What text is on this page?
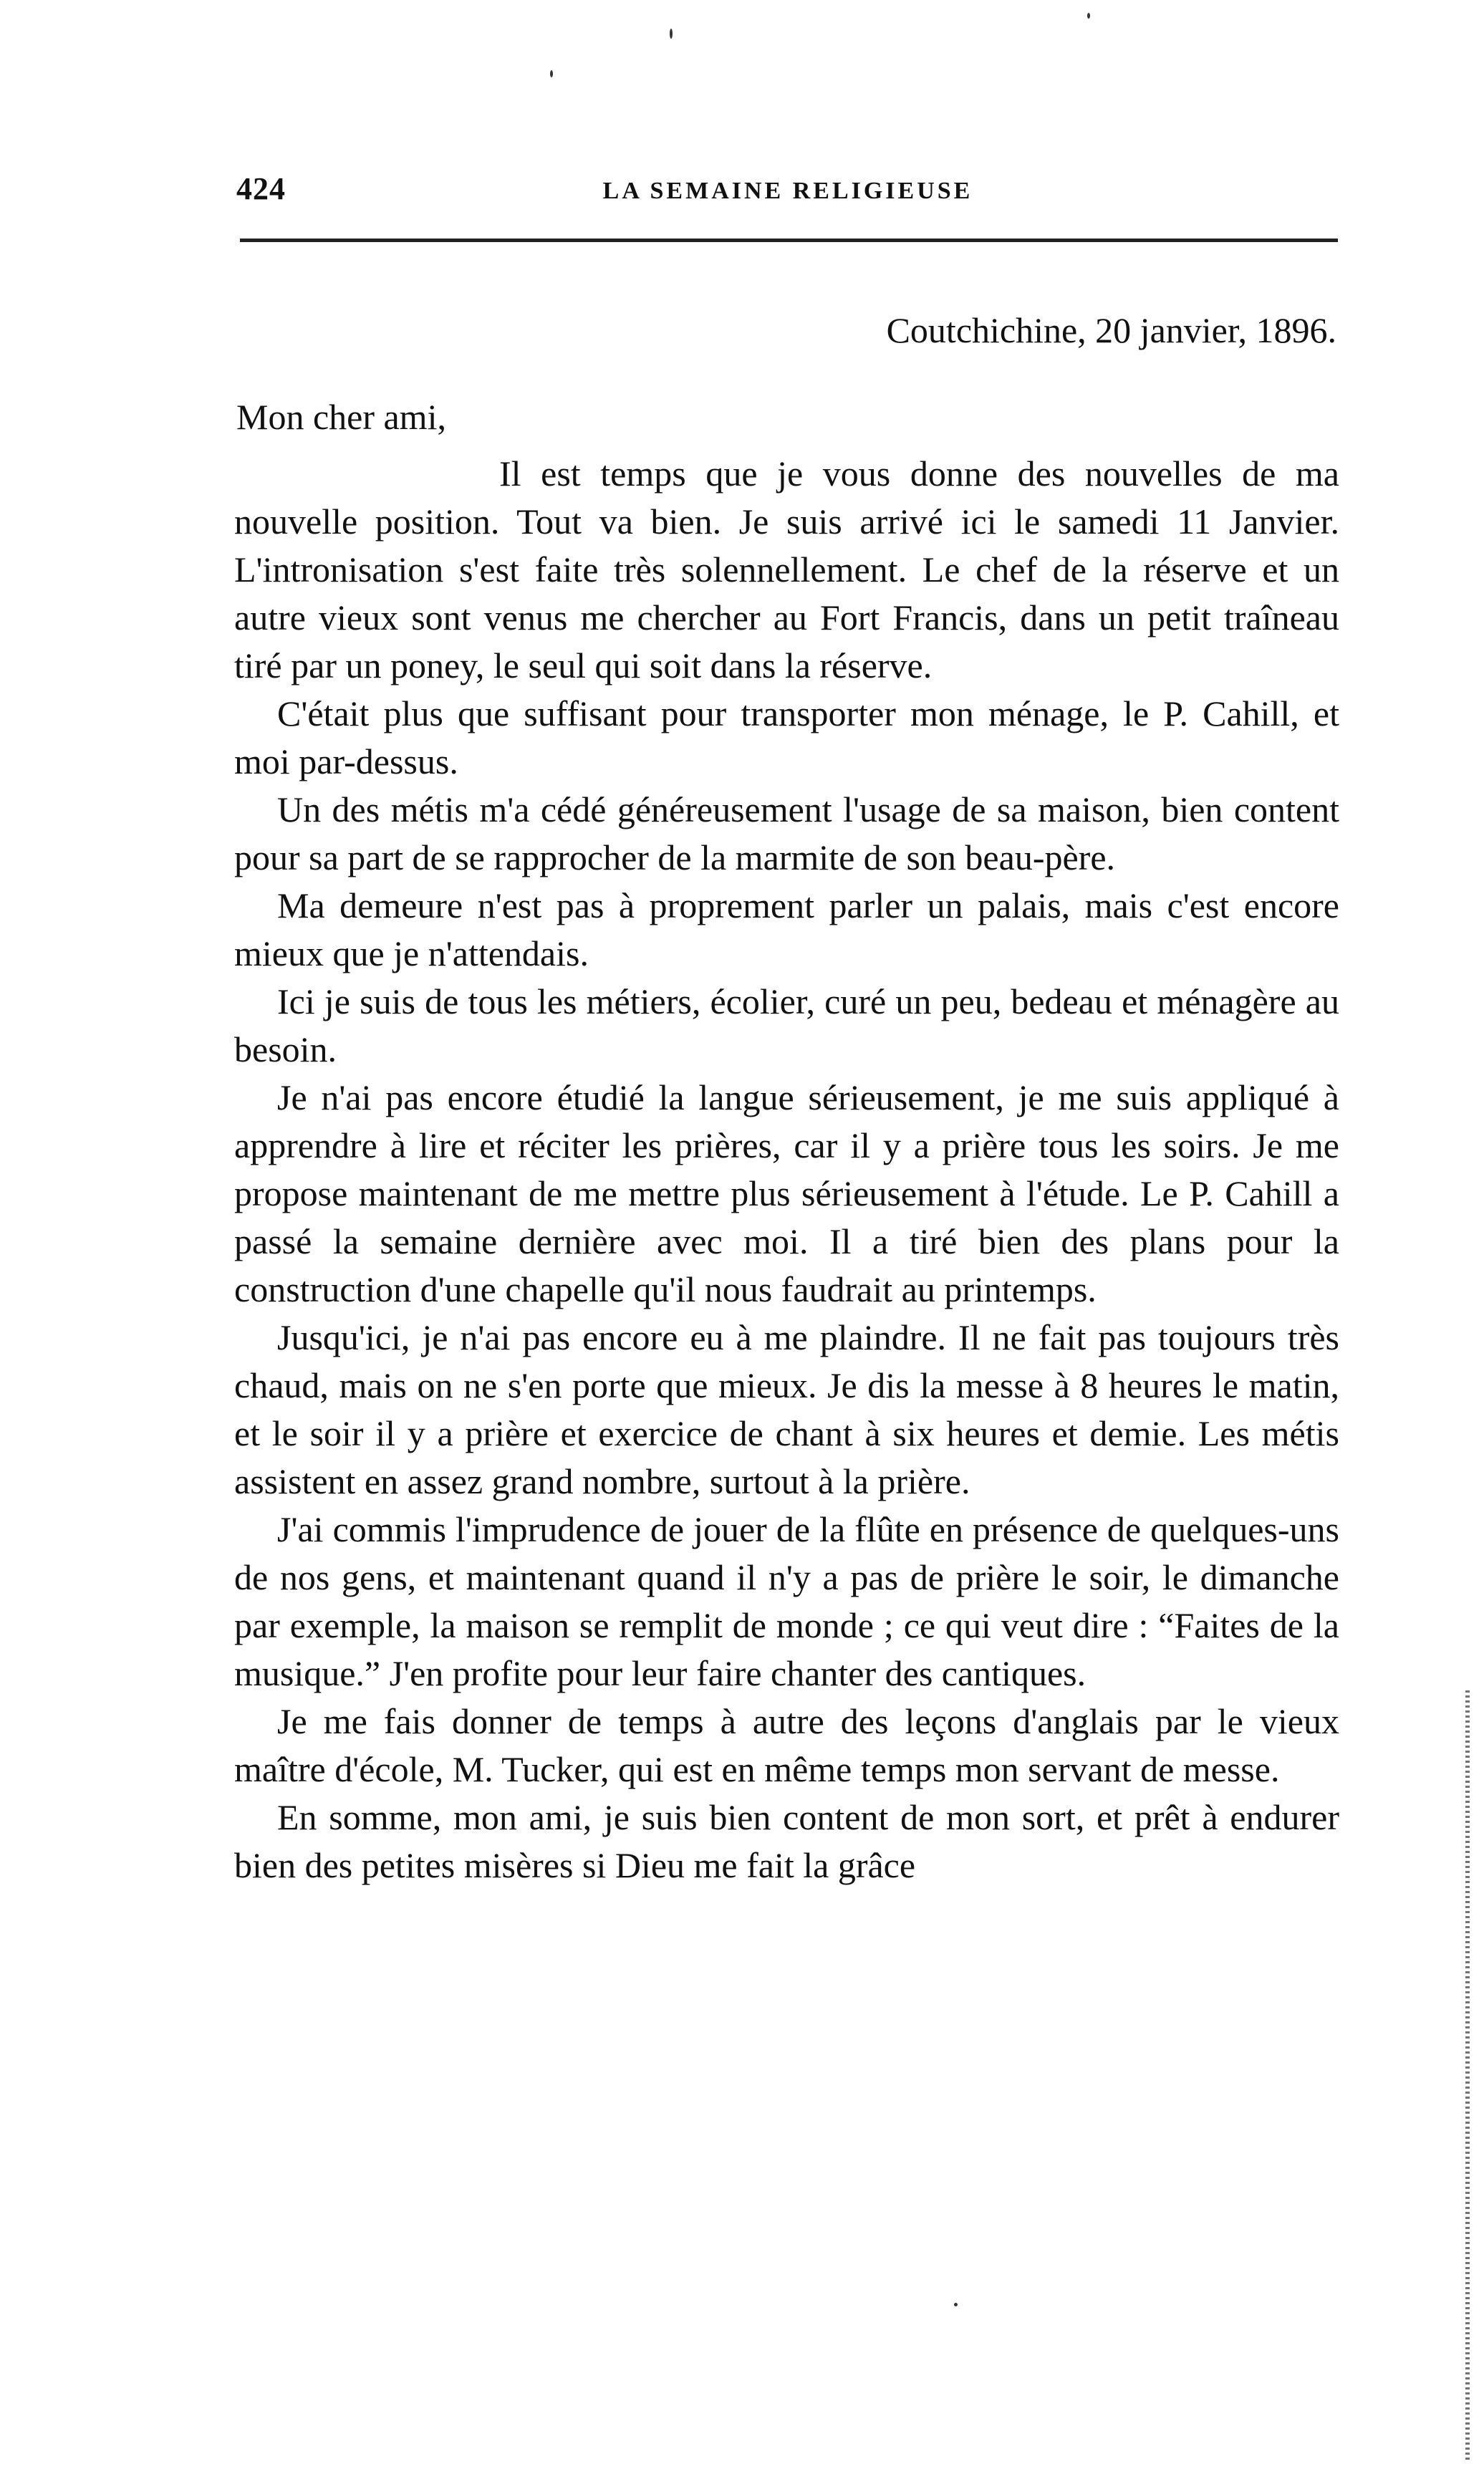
424	LA SEMAINE RELIGIEUSE
Coutchichine, 20 janvier, 1896.
Mon cher ami,

Il est temps que je vous donne des nouvelles de ma nouvelle position. Tout va bien. Je suis arrivé ici le samedi 11 Janvier. L'intronisation s'est faite très solennellement. Le chef de la réserve et un autre vieux sont venus me chercher au Fort Francis, dans un petit traîneau tiré par un poney, le seul qui soit dans la réserve.

C'était plus que suffisant pour transporter mon ménage, le P. Cahill, et moi par-dessus.

Un des métis m'a cédé généreusement l'usage de sa maison, bien content pour sa part de se rapprocher de la marmite de son beau-père.

Ma demeure n'est pas à proprement parler un palais, mais c'est encore mieux que je n'attendais.

Ici je suis de tous les métiers, écolier, curé un peu, bedeau et ménagère au besoin.

Je n'ai pas encore étudié la langue sérieusement, je me suis appliqué à apprendre à lire et réciter les prières, car il y a prière tous les soirs. Je me propose maintenant de me mettre plus sérieusement à l'étude. Le P. Cahill a passé la semaine dernière avec moi. Il a tiré bien des plans pour la construction d'une chapelle qu'il nous faudrait au printemps.

Jusqu'ici, je n'ai pas encore eu à me plaindre. Il ne fait pas toujours très chaud, mais on ne s'en porte que mieux. Je dis la messe à 8 heures le matin, et le soir il y a prière et exercice de chant à six heures et demie. Les métis assistent en assez grand nombre, surtout à la prière.

J'ai commis l'imprudence de jouer de la flûte en présence de quelques-uns de nos gens, et maintenant quand il n'y a pas de prière le soir, le dimanche par exemple, la maison se remplit de monde ; ce qui veut dire : “Faites de la musique.” J'en profite pour leur faire chanter des cantiques.

Je me fais donner de temps à autre des leçons d'anglais par le vieux maître d'école, M. Tucker, qui est en même temps mon servant de messe.

En somme, mon ami, je suis bien content de mon sort, et prêt à endurer bien des petites misères si Dieu me fait la grâce
